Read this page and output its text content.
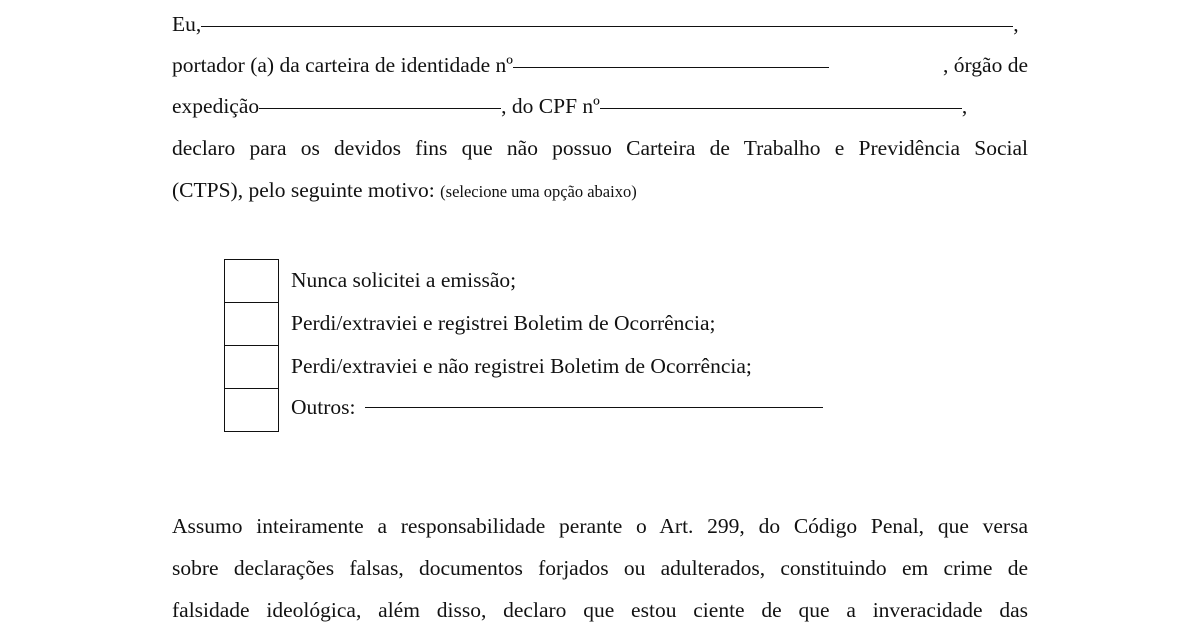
Eu,	,
portador (a) da carteira de identidade nº	, órgão de
expedição	, do CPF nº	,
declaro para os devidos fins que não possuo Carteira de Trabalho e Previdência Social
(CTPS), pelo seguinte motivo: (selecione uma opção abaixo)
Nunca solicitei a emissão;
Perdi/extraviei e registrei Boletim de Ocorrência;
Perdi/extraviei e não registrei Boletim de Ocorrência;
Outros:
Assumo inteiramente a responsabilidade perante o Art. 299, do Código Penal, que versa
sobre declarações falsas, documentos forjados ou adulterados, constituindo em crime de
falsidade ideológica, além disso, declaro que estou ciente de que a inveracidade das
